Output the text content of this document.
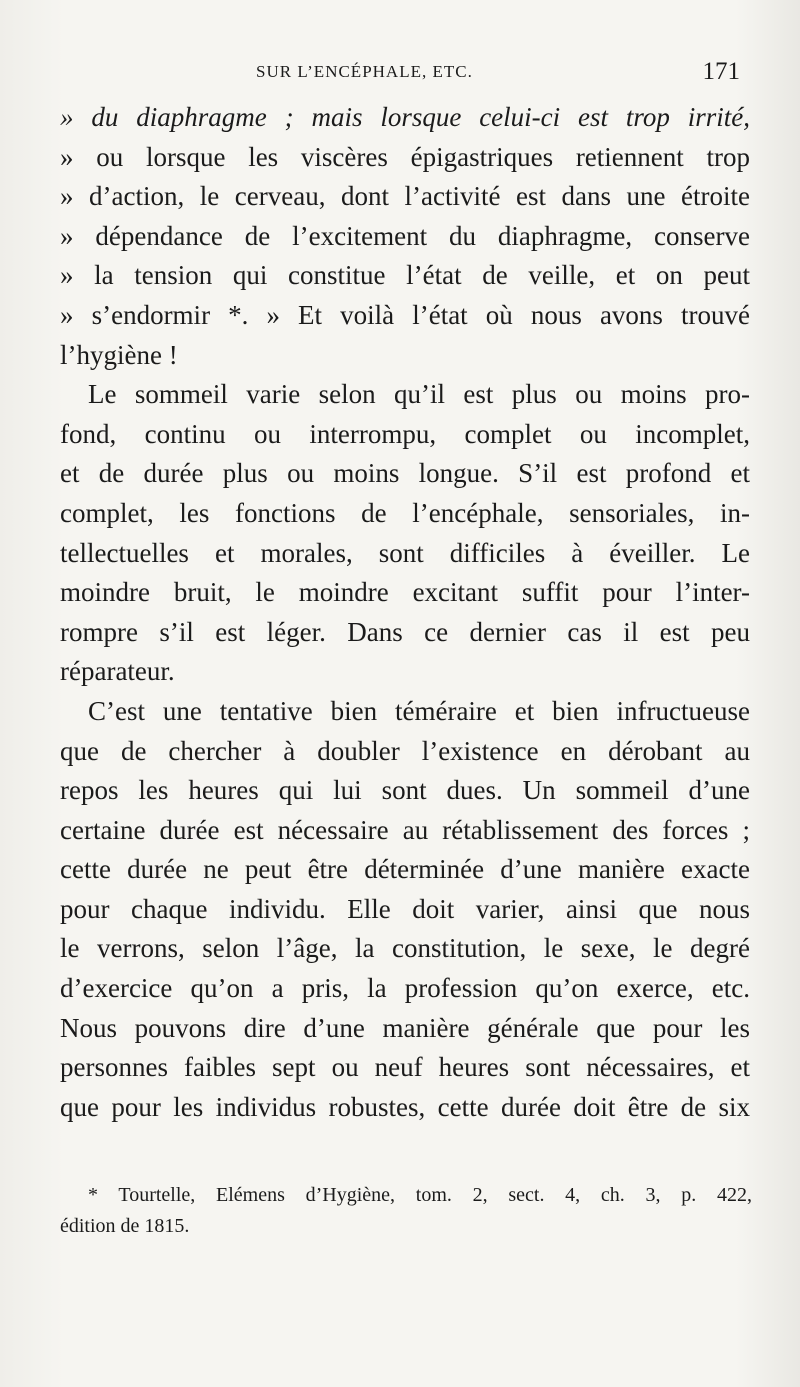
SUR L’ENCÉPHALE, ETC.	171
» du diaphragme ; mais lorsque celui-ci est trop irrité,
» ou lorsque les viscères épigastriques retiennent trop
» d’action, le cerveau, dont l’activité est dans une étroite
» dépendance de l’excitement du diaphragme, conserve
» la tension qui constitue l’état de veille, et on peut
» s’endormir *. » Et voilà l’état où nous avons trouvé
l’hygiène !
Le sommeil varie selon qu’il est plus ou moins pro-
fond, continu ou interrompu, complet ou incomplet,
et de durée plus ou moins longue. S’il est profond et
complet, les fonctions de l’encéphale, sensoriales, in-
tellectuelles et morales, sont difficiles à éveiller. Le
moindre bruit, le moindre excitant suffit pour l’inter-
rompre s’il est léger. Dans ce dernier cas il est peu
réparateur.
C’est une tentative bien téméraire et bien infructueuse
que de chercher à doubler l’existence en dérobant au
repos les heures qui lui sont dues. Un sommeil d’une
certaine durée est nécessaire au rétablissement des forces ;
cette durée ne peut être déterminée d’une manière exacte
pour chaque individu. Elle doit varier, ainsi que nous
le verrons, selon l’âge, la constitution, le sexe, le degré
d’exercice qu’on a pris, la profession qu’on exerce, etc.
Nous pouvons dire d’une manière générale que pour les
personnes faibles sept ou neuf heures sont nécessaires, et
que pour les individus robustes, cette durée doit être de six
* Tourtelle, Elémens d’Hygiène, tom. 2, sect. 4, ch. 3, p. 422,
édition de 1815.
